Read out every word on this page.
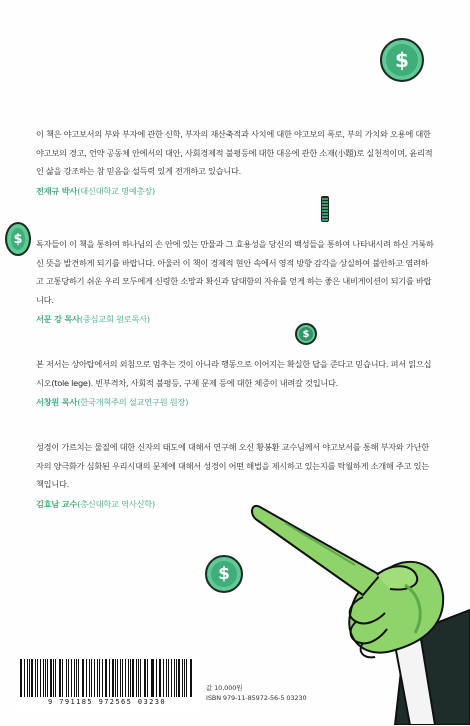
$
$
$
$

이 책은 야고보서의 부와 부자에 관한 신학, 부자의 재산축적과 사치에 대한 야고보의 폭로, 부의 가치와 오용에 대한 야고보의 경고, 언약 공동체 안에서의 대안, 사회경제적 불평등에 대한 대응에 관한 소재(小題)로 실천적이며, 윤리적인 삶을 강조하는 참 믿음을 설득력 있게 전개하고 있습니다.

전재규 박사(대신대학교 명예총장)

독자들이 이 책을 통하여 하나님의 손 안에 있는 만물과 그 효용성을 당신의 백성들을 통하여 나타내시려 하신 거룩하신 뜻을 발견하게 되기를 바랍니다. 아울러 이 책이 경제적 현안 속에서 영적 방향 감각을 상실하여 불안하고 염려하고 고통당하기 쉬운 우리 모두에게 신령한 소망과 확신과 담대함의 자유를 얻게 하는 좋은 내비게이션이 되기를 바랍니다.

서문 강 목사(중심교회 원로목사)

본 저서는 상아탑에서의 외침으로 멈추는 것이 아니라 행동으로 이어지는 확실한 답을 준다고 믿습니다. 펴서 읽으십시오(tole lege). 빈부격차, 사회적 불평등, 구제 문제 등에 대한 체증이 내려갈 것입니다.

서창원 목사(한국개혁주의 설교연구원 원장)

성경이 가르치는 물질에 대한 신자의 태도에 대해서 연구해 오신 황봉환 교수님께서 야고보서를 통해 부자와 가난한 자의 양극화가 심화된 우리시대의 문제에 대해서 성경이 어떤 해법을 제시하고 있는지를 탁월하게 소개해 주고 있는 책입니다.

김효남 교수(총신대학교 역사신학)

9 791185 972565 03230
값 10,000원
ISBN 979-11-85972-56-5 03230
